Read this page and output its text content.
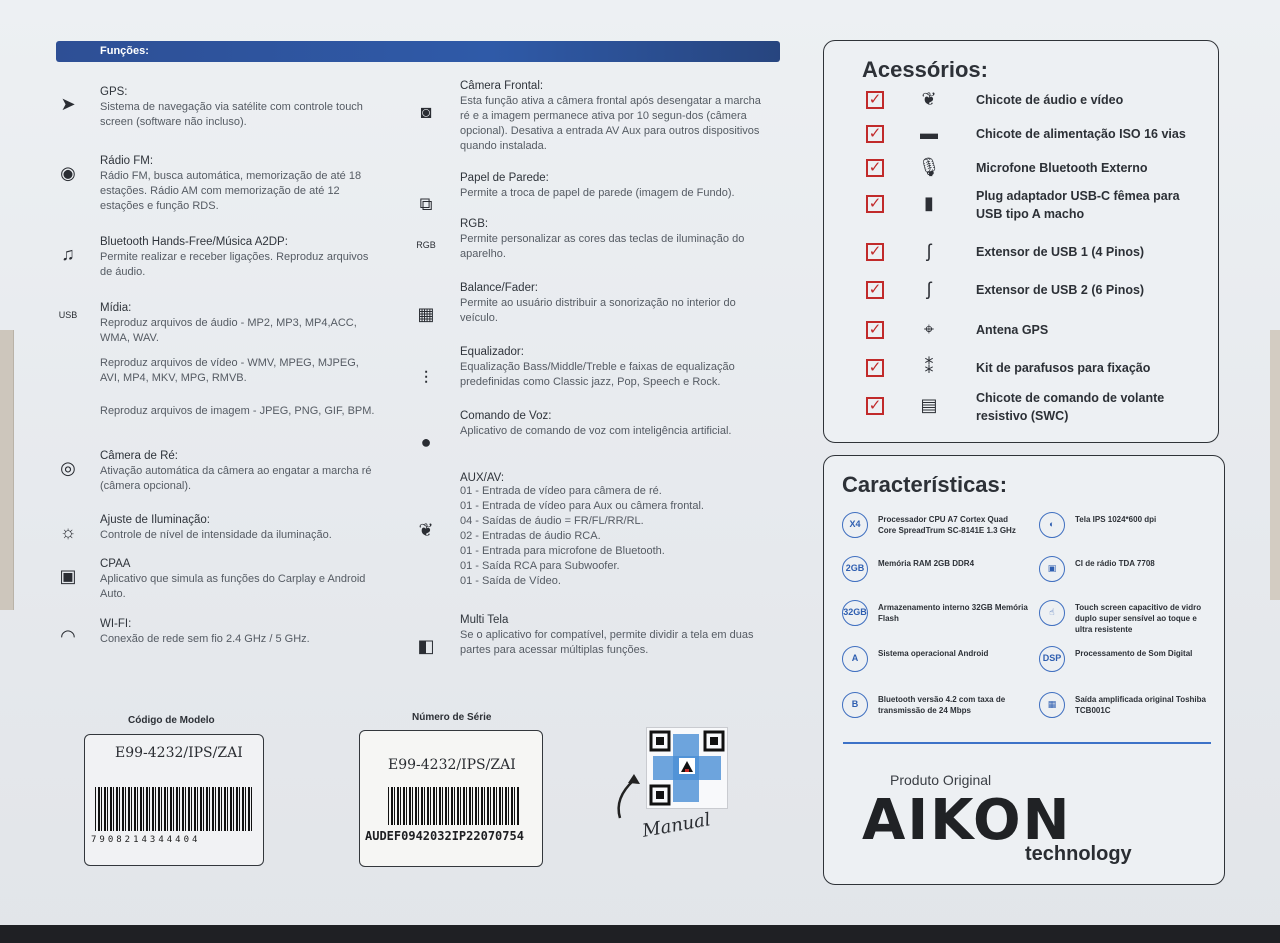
Funções:
➤
GPS:
Sistema de navegação via satélite com controle touch screen (software não incluso).
◉
Rádio FM:
Rádio FM, busca automática, memorização de até 18 estações. Rádio AM com memorização de até 12 estações e função RDS.
♫
Bluetooth Hands-Free/Música A2DP:
Permite realizar e receber ligações. Reproduz arquivos de áudio.
USB
Mídia:
Reproduz arquivos de áudio - MP2, MP3, MP4,ACC, WMA, WAV.
Reproduz arquivos de vídeo - WMV, MPEG, MJPEG, AVI, MP4, MKV, MPG, RMVB.
Reproduz arquivos de imagem - JPEG, PNG, GIF, BPM.
◎
Câmera de Ré:
Ativação automática da câmera ao engatar a marcha ré (câmera opcional).
☼
Ajuste de Iluminação:
Controle de nível de intensidade da iluminação.
▣
CPAA
Aplicativo que simula as funções do Carplay e Android Auto.
◠
WI-FI:
Conexão de rede sem fio 2.4 GHz / 5 GHz.
◙
Câmera Frontal:
Esta função ativa a câmera frontal após desengatar a marcha ré e a imagem permanece ativa por 10 segun-dos (câmera opcional). Desativa a entrada AV Aux para outros dispositivos quando instalada.
⧉
Papel de Parede:
Permite a troca de papel de parede (imagem de Fundo).
RGB
RGB:
Permite personalizar as cores das teclas de iluminação do aparelho.
▦
Balance/Fader:
Permite ao usuário distribuir a sonorização no interior do veículo.
⫶
Equalizador:
Equalização Bass/Middle/Treble e faixas de equalização predefinidas como Classic jazz, Pop, Speech e Rock.
●
Comando de Voz:
Aplicativo de comando de voz com inteligência artificial.
❦
AUX/AV:
01 - Entrada de vídeo para câmera de ré.
01 - Entrada de vídeo para Aux ou câmera frontal.
04 - Saídas de áudio = FR/FL/RR/RL.
02 - Entradas de áudio RCA.
01 - Entrada para microfone de Bluetooth.
01 - Saída RCA para Subwoofer.
01 - Saída de Vídeo.
◧
Multi Tela
Se o aplicativo for compatível, permite dividir a tela em duas partes para acessar múltiplas funções.
Acessórios:
✓	❦	Chicote de áudio e vídeo
✓	▬	Chicote de alimentação ISO 16 vias
✓	🎙	Microfone Bluetooth Externo
✓	▮	Plug adaptador USB-C fêmea para USB tipo A macho
✓	ʃ	Extensor de USB 1 (4 Pinos)
✓	ʃ	Extensor de USB 2 (6 Pinos)
✓	⌖	Antena GPS
✓	⁑	Kit de parafusos para fixação
✓	▤	Chicote de comando de volante resistivo (SWC)
Características:
X4	Processador CPU A7 Cortex Quad Core SpreadTrum SC-8141E 1.3 GHz
2GB	Memória RAM 2GB DDR4
32GB Armazenamento interno 32GB Memória Flash
A	Sistema operacional Android
B	Bluetooth versão 4.2 com taxa de transmissão de 24 Mbps
◐	Tela IPS 1024*600 dpi
▣	CI de rádio TDA 7708
☝	Touch screen capacitivo de vidro duplo super sensível ao toque e ultra resistente
DSP	Processamento de Som Digital
▦	Saída amplificada original Toshiba TCB001C
Produto Original
AIKON
technology
Código de Modelo
E99-4232/IPS/ZAI
7908214344404
Número de Série
E99-4232/IPS/ZAI
AUDEF0942032IP22070754	Manual
